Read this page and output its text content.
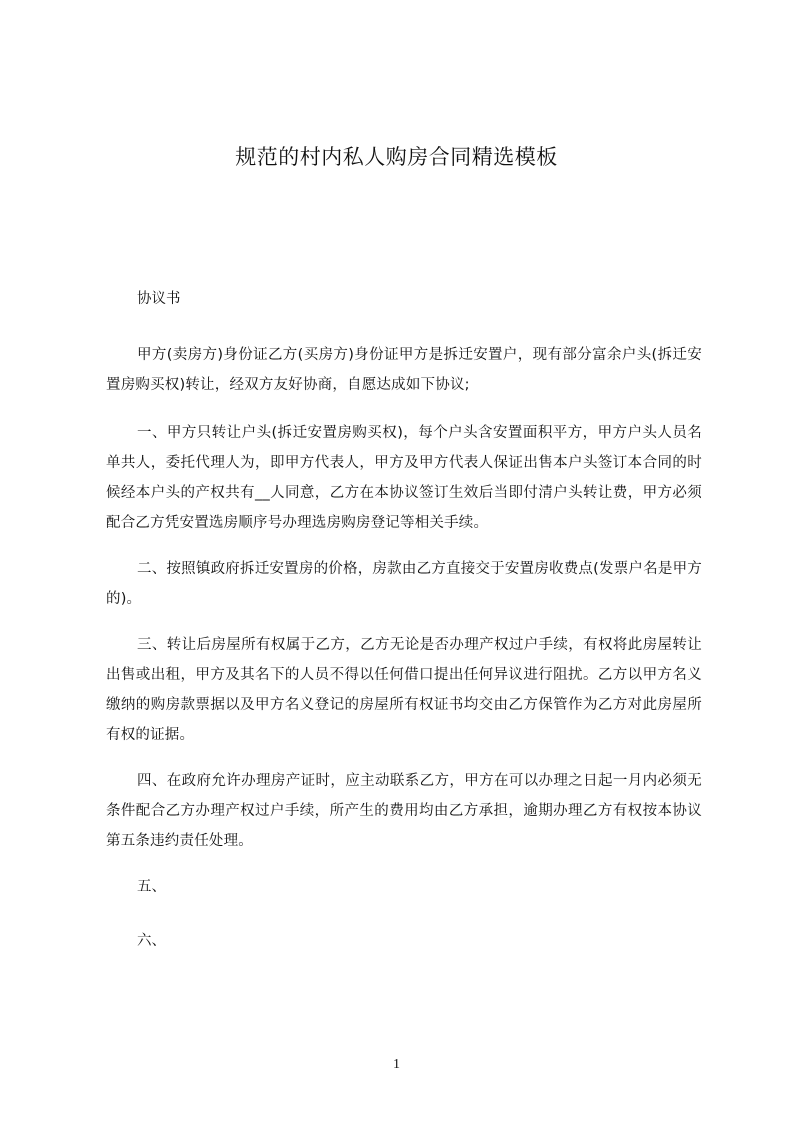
规范的村内私人购房合同精选模板
协议书
甲方(卖房方)身份证乙方(买房方)身份证甲方是拆迁安置户，现有部分富余户头(拆迁安置房购买权)转让，经双方友好协商，自愿达成如下协议;
一、甲方只转让户头(拆迁安置房购买权)，每个户头含安置面积平方，甲方户头人员名单共人，委托代理人为，即甲方代表人，甲方及甲方代表人保证出售本户头签订本合同的时候经本户头的产权共有__人同意，乙方在本协议签订生效后当即付清户头转让费，甲方必须配合乙方凭安置选房顺序号办理选房购房登记等相关手续。
二、按照镇政府拆迁安置房的价格，房款由乙方直接交于安置房收费点(发票户名是甲方的)。
三、转让后房屋所有权属于乙方，乙方无论是否办理产权过户手续，有权将此房屋转让出售或出租，甲方及其名下的人员不得以任何借口提出任何异议进行阻扰。乙方以甲方名义缴纳的购房款票据以及甲方名义登记的房屋所有权证书均交由乙方保管作为乙方对此房屋所有权的证据。
四、在政府允许办理房产证时，应主动联系乙方，甲方在可以办理之日起一月内必须无条件配合乙方办理产权过户手续，所产生的费用均由乙方承担，逾期办理乙方有权按本协议第五条违约责任处理。
五、
六、
1
